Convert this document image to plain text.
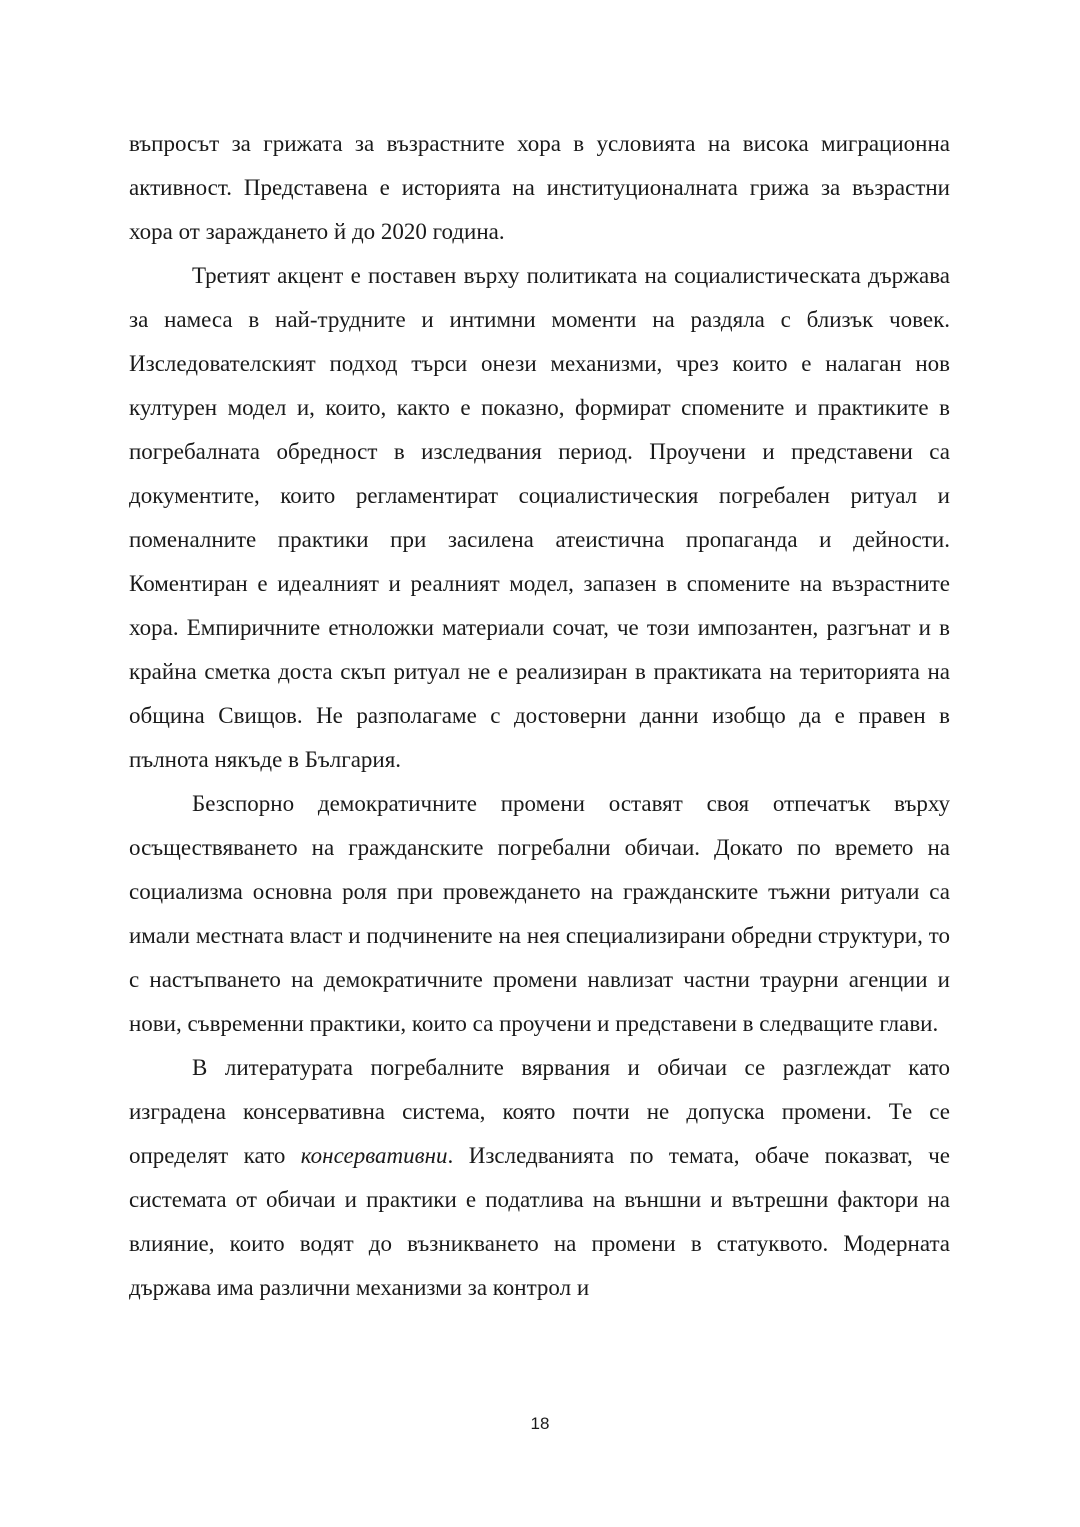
въпросът за грижата за възрастните хора в условията на висока миграционна активност. Представена е историята на институционалната грижа за възрастни хора от зараждането й до 2020 година.

Третият акцент е поставен върху политиката на социалистическата държава за намеса в най-трудните и интимни моменти на раздяла с близък човек. Изследователският подход търси онези механизми, чрез които е налаган нов културен модел и, които, както е показно, формират спомените и практиките в погребалната обредност в изследвания период. Проучени и представени са документите, които регламентират социалистическия погребален ритуал и поменалните практики при засилена атеистична пропаганда и дейности. Коментиран е идеалният и реалният модел, запазен в спомените на възрастните хора. Емпиричните етноложки материали сочат, че този импозантен, разгънат и в крайна сметка доста скъп ритуал не е реализиран в практиката на територията на община Свищов. Не разполагаме с достоверни данни изобщо да е правен в пълнота някъде в България.

Безспорно демократичните промени оставят своя отпечатък върху осъществяването на гражданските погребални обичаи. Докато по времето на социализма основна роля при провеждането на гражданските тъжни ритуали са имали местната власт и подчинените на нея специализирани обредни структури, то с настъпването на демократичните промени навлизат частни траурни агенции и нови, съвременни практики, които са проучени и представени в следващите глави.

В литературата погребалните вярвания и обичаи се разглеждат като изградена консервативна система, която почти не допуска промени. Те се определят като консервативни. Изследванията по темата, обаче показват, че системата от обичаи и практики е податлива на външни и вътрешни фактори на влияние, които водят до възникването на промени в статуквото. Модерната държава има различни механизми за контрол и

18
